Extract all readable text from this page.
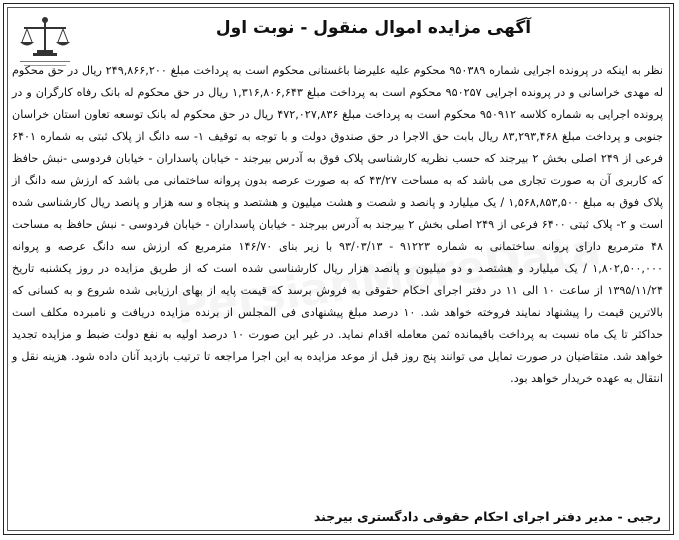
آگهی مزایده اموال منقول - نوبت اول
نظر به اینکه در پرونده اجرایی شماره ۹۵۰۳۸۹ محکوم علیه علیرضا باغستانی محکوم است به پرداخت مبلغ ۲۴۹,۸۶۶,۲۰۰ ریال در حق محکوم له مهدی خراسانی و در پرونده اجرایی ۹۵۰۲۵۷ محکوم است به پرداخت مبلغ ۱,۳۱۶,۸۰۶,۶۴۳ ریال در حق محکوم له بانک رفاه کارگران و در پرونده اجرایی به شماره کلاسه ۹۵۰۹۱۲ محکوم است به پرداخت مبلغ ۴۷۲,۰۲۷,۸۳۶ ریال در حق محکوم له بانک توسعه تعاون استان خراسان جنوبی و پرداخت مبلغ ۸۳,۲۹۳,۴۶۸ ریال بابت حق الاجرا در حق صندوق دولت و با توجه به توقیف ۱- سه دانگ از پلاک ثبتی به شماره ۶۴۰۱ فرعی از ۲۴۹ اصلی بخش ۲ بیرجند که حسب نظریه کارشناسی پلاک فوق به آدرس بیرجند - خیابان پاسداران - خیابان فردوسی -نبش حافظ که کاربری آن به صورت تجاری می باشد که به مساحت ۴۳/۲۷ که به صورت عرصه بدون پروانه ساختمانی می باشد که ارزش سه دانگ از پلاک فوق به مبلغ ۱,۵۶۸,۸۵۳,۵۰۰ / یک میلیارد و پانصد و شصت و هشت میلیون و هشتصد و پنجاه و سه هزار و پانصد ریال کارشناسی شده است و ۲- پلاک ثبتی ۶۴۰۰ فرعی از ۲۴۹ اصلی بخش ۲ بیرجند به آدرس بیرجند - خیابان پاسداران - خیابان فردوسی - نبش حافظ به مساحت ۴۸ مترمربع دارای پروانه ساختمانی به شماره ۹۱۲۲۳ - ۹۳/۰۳/۱۳ با زیر بنای ۱۴۶/۷۰ مترمربع که ارزش سه دانگ عرصه و پروانه ۱,۸۰۲,۵۰۰,۰۰۰ / یک میلیارد و هشتصد و دو میلیون و پانصد هزار ریال کارشناسی شده است که از طریق مزایده در روز یکشنبه تاریخ ۱۳۹۵/۱۱/۲۴ از ساعت ۱۰ الی ۱۱ در دفتر اجرای احکام حقوقی به فروش برسد که قیمت پایه از بهای ارزیابی شده شروع و به کسانی که بالاترین قیمت را پیشنهاد نمایند فروخته خواهد شد. ۱۰ درصد مبلغ پیشنهادی فی المجلس از برنده مزایده دریافت و نامبرده مکلف است حداکثر تا یک ماه نسبت به پرداخت باقیمانده ثمن معامله اقدام نماید. در غیر این صورت ۱۰ درصد اولیه به نفع دولت ضبط و مزایده تجدید خواهد شد. متقاضیان در صورت تمایل می توانند پنج روز قبل از موعد مزایده به این اجرا مراجعه تا ترتیب بازدید آنان داده شود. هزینه نقل و انتقال به عهده خریدار خواهد بود.
رجبی - مدیر دفتر اجرای احکام حقوقی دادگستری بیرجند
